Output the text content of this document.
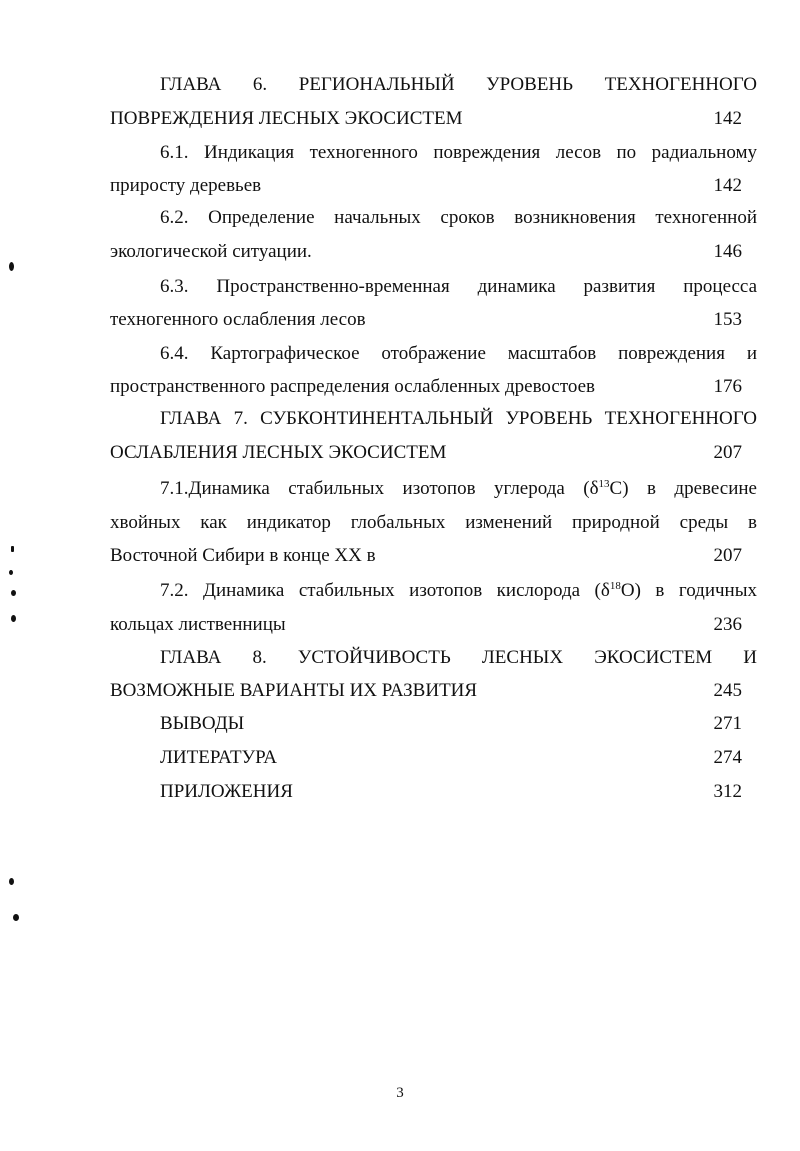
ГЛАВА 6. РЕГИОНАЛЬНЫЙ УРОВЕНЬ ТЕХНОГЕННОГО
ПОВРЕЖДЕНИЯ ЛЕСНЫХ ЭКОСИСТЕМ	142
6.1. Индикация техногенного повреждения лесов по радиальному
приросту деревьев	142
6.2. Определение начальных сроков возникновения техногенной
экологической ситуации.	146
6.3. Пространственно-временная динамика развития процесса
техногенного ослабления лесов	153
6.4. Картографическое отображение масштабов повреждения и
пространственного распределения ослабленных древостоев	176
ГЛАВА 7. СУБКОНТИНЕНТАЛЬНЫЙ УРОВЕНЬ ТЕХНОГЕННОГО
ОСЛАБЛЕНИЯ ЛЕСНЫХ ЭКОСИСТЕМ	207
7.1.Динамика стабильных изотопов углерода $(\delta^{13}C)$ в древесине
хвойных как индикатор глобальных изменений природной среды в
Восточной Сибири в конце XX в	207
7.2. Динамика стабильных изотопов кислорода $(\delta^{18}O)$ в годичных
кольцах лиственницы	236
ГЛАВА 8. УСТОЙЧИВОСТЬ ЛЕСНЫХ ЭКОСИСТЕМ И
ВОЗМОЖНЫЕ ВАРИАНТЫ ИХ РАЗВИТИЯ	245
ВЫВОДЫ	271
ЛИТЕРАТУРА	274
ПРИЛОЖЕНИЯ	312
3
